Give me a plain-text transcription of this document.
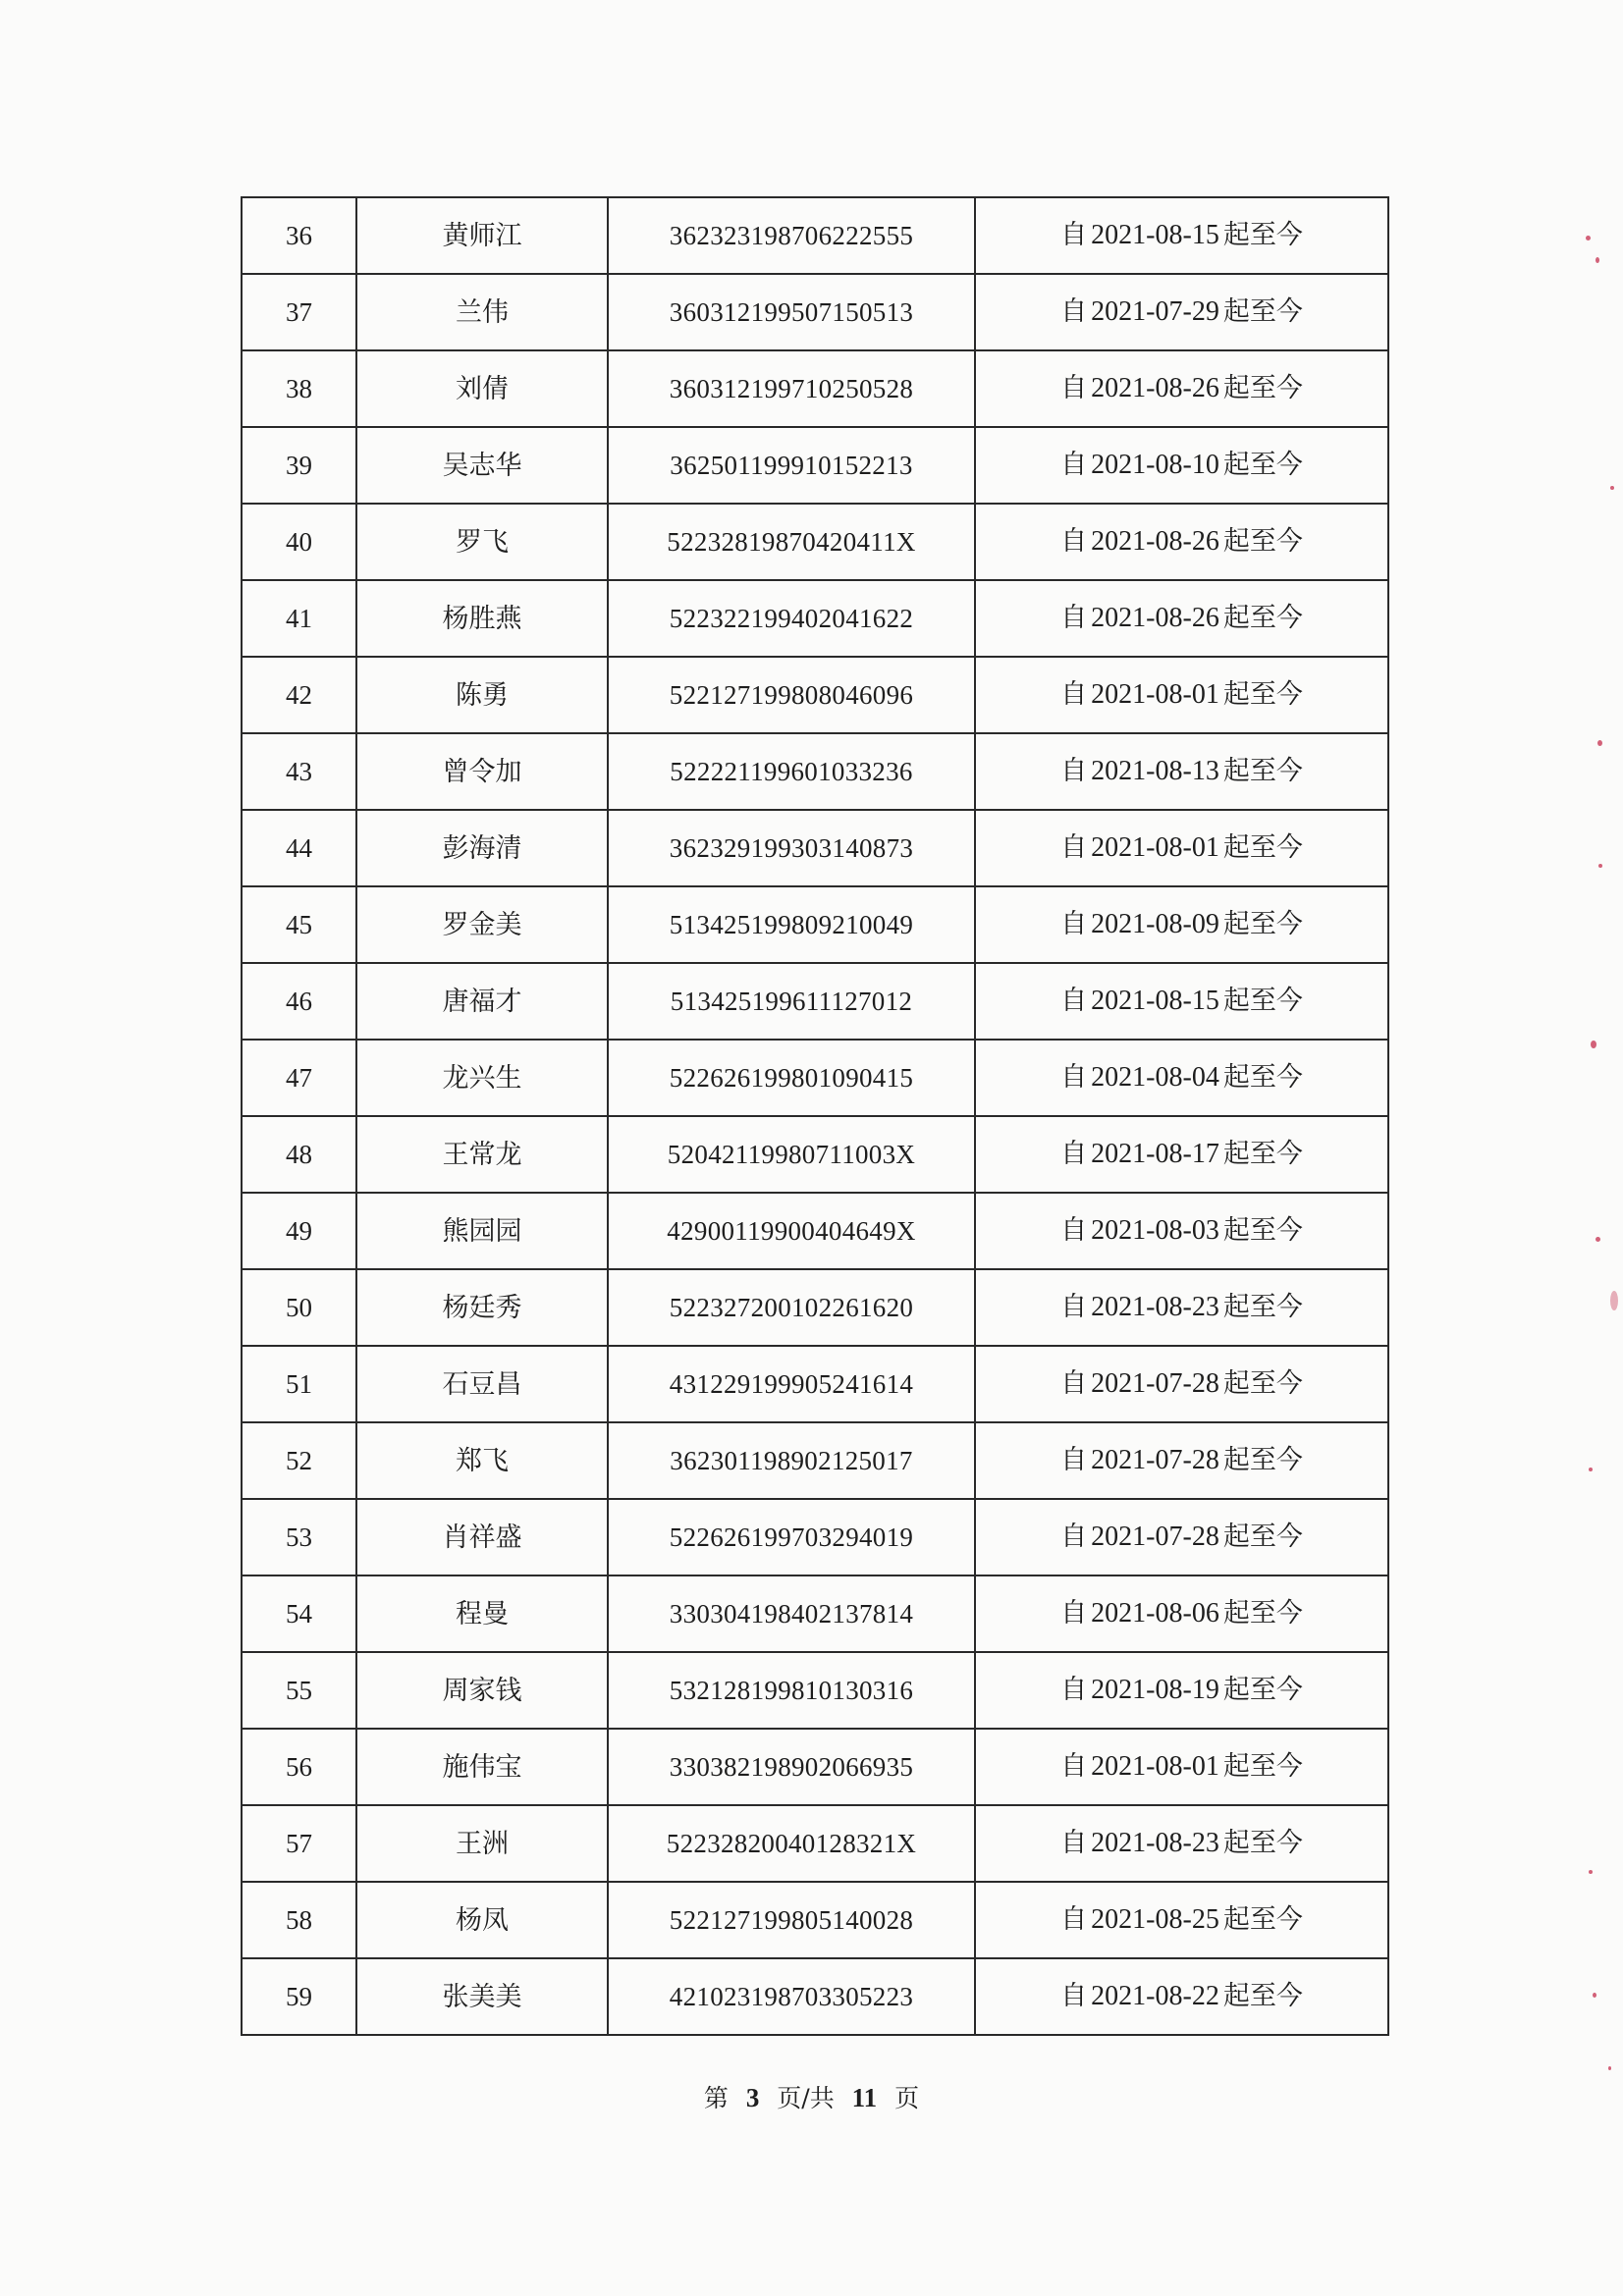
36	黄师江	362323198706222555	自 2021-08-15 起至今
37	兰伟	360312199507150513	自 2021-07-29 起至今
38	刘倩	360312199710250528	自 2021-08-26 起至今
39	吴志华	362501199910152213	自 2021-08-10 起至今
40	罗飞	52232819870420411X	自 2021-08-26 起至今
41	杨胜燕	522322199402041622	自 2021-08-26 起至今
42	陈勇	522127199808046096	自 2021-08-01 起至今
43	曾令加	522221199601033236	自 2021-08-13 起至今
44	彭海清	362329199303140873	自 2021-08-01 起至今
45	罗金美	513425199809210049	自 2021-08-09 起至今
46	唐福才	513425199611127012	自 2021-08-15 起至今
47	龙兴生	522626199801090415	自 2021-08-04 起至今
48	王常龙	52042119980711003X	自 2021-08-17 起至今
49	熊园园	42900119900404649X	自 2021-08-03 起至今
50	杨廷秀	522327200102261620	自 2021-08-23 起至今
51	石豆昌	431229199905241614	自 2021-07-28 起至今
52	郑飞	362301198902125017	自 2021-07-28 起至今
53	肖祥盛	522626199703294019	自 2021-07-28 起至今
54	程曼	330304198402137814	自 2021-08-06 起至今
55	周家钱	532128199810130316	自 2021-08-19 起至今
56	施伟宝	330382198902066935	自 2021-08-01 起至今
57	王洲	52232820040128321X	自 2021-08-23 起至今
58	杨凤	522127199805140028	自 2021-08-25 起至今
59	张美美	421023198703305223	自 2021-08-22 起至今
第 3 页/共 11 页
